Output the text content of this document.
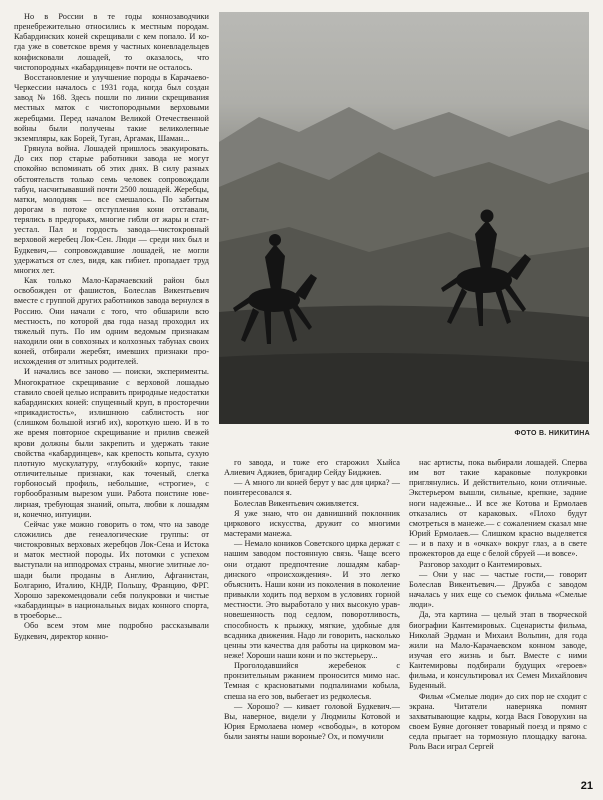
Но в России в те годы коннозаводчики пренебрежительно относились к местным породам. Кабардинских коней скрещивали с кем попало. И когда уже в советское время у частных коневладельцев конфисковали лошадей, то оказалось, что чистопородных «кабардинцев» почти не осталось.

Восстановление и улучшение породы в Карачаево-Черкессии началось с 1931 года, когда был создан завод № 168. Здесь пошли по линии скрещивания местных маток с чистопородными верховыми жеребцами. Перед началом Великой Отечественной войны были получены такие великолепные экземпляры, как Борей, Туган, Аргамак, Шаман...

Грянула война. Лошадей пришлось эвакуировать. До сих пор старые работники завода не могут спокойно вспоминать об этих днях. В силу разных обстоятельств только семь человек сопровождали табун, насчитывавший почти 2500 лошадей. Жеребцы, матки, молодняк — все смешалось. По забитым дорогам в потоке отступления кони отставали, терялись в предгорьях, многие гибли от жары и статуестал. Пал и гордость завода—чистокровный верховой жеребец Лок-Сен. Люди — среди них был и Будкевич,— сопровождавшие лошадей, не могли удержаться от слез, видя, как гибнет. пропадает труд многих лет.

Как только Мало-Карачаевский район был освобожден от фашистов, Болеслав Викентьевич вместе с группой других работников завода вернулся в Россию. Они начали с того, что обшарили всю местность, по которой два года назад проходил их тяжелый путь. По им одним ведомым признакам находили они в совхозных и колхозных табунах своих коней, отбирали жеребят, имевших признаки происхождения от элитных родителей.

И начались все заново — поиски, эксперименты. Многократное скрещивание с верховой лошадью ставило своей целью исправить природные недостатки кабардинских коней: спущенный круп, в просторечии «прикадистость», излишнюю саблистость ног (слишком большой изгиб их), короткую шею. И в то же время повторное скрещивание и прилив свежей крови должны были закрепить и удержать такие свойства «кабардинцев», как крепость копыта, сухую плотную мускулатуру, «глубокий» корпус, такие отличительные признаки, как точеный, слегка горбоносый профиль, небольшие, «строгие», с горбообразным вырезом уши. Работа поистине ювелирная, требующая знаний, опыта, любви к лошадям и, конечно, интуиции.

Сейчас уже можно говорить о том, что на заводе сложились две генеалогические группы: от чистокровных верховых жеребцов Лок-Сена и Истока и маток местной породы. Их потомки с успехом выступали на ипподромах страны, многие элитные лошади были проданы в Англию, Афганистан, Болгарию, Италию, КНДР, Польшу, Францию, ФРГ. Хорошо зарекомендовали себя полукровки и чистые «кабардинцы» в национальных видах конного спорта, в троеборье...

Обо всем этом мне подробно рассказывали Будкевич, директор конно-

ФОТО В. НИКИТИНА

го завода, и тоже его старожил Хыйса Алиевич Аджиев, бригадир Сейду Биджиев.

— А много ли коней берут у вас для цирка? — поинтересовался я.

Болеслав Викентьевич оживляется.

Я уже знаю, что он давнишний поклонник циркового искусства, дружит со многими мастерами манежа.

— Немало коников Советского цирка держат с нашим заводом постоянную связь. Чаще всего они отдают предпочтение лошадям кабардинского «происхождения». И это легко объяснить. Наши кони из поколения в поколение привыкли ходить под верхом в условиях горной местности. Это выработало у них высокую уравновешенность под седлом, поворотливость, способность к прыжку, мягкие, удобные для всадника движения. Надо ли говорить, насколько ценны эти качества для работы на цирковом манеже! Хороши наши кони и по экстерьеру...

Проголодавшийся жеребенок с пронзительным ржанием проносится мимо нас. Темная с красноватыми подпалинами кобыла, спеша на его зов, выбегает из редколесья.

— Хорошо? — кивает головой Будкевич.— Вы, наверное, видели у Людмилы Котовой и Юрия Ермолаева номер «свободы», в котором были заняты наши вороные? Ох, и помучили

нас артисты, пока выбирали лошадей. Сперва им вот такие караковые полукровки приглянулись. И действительно, кони отличные. Экстерьером вышли, сильные, крепкие, задние ноги надежные... И все же Котова и Ермолаев отказались от караковых. «Плохо будут смотреться в манеже.— с сожалением сказал мне Юрий Ермолаев.— Слишком красно выделяется — и в паху и в «очках» вокруг глаз, а в свете прожекторов да еще с белой сбруей —и вовсе».

Разговор заходит о Кантемировых.

— Они у нас — частые гости,— говорит Болеслав Викентьевич.— Дружба с заводом началась у них еще со съемок фильма «Смелые люди».

Да, эта картина — целый этап в творческой биографии Кантемировых. Сценаристы фильма, Николай Эрдман и Михаил Вольпин, для года жили на Мало-Карачаевском конном заводе, изучая его жизнь и быт. Вместе с ними Кантемировы подбирали будущих «героев» фильма, и консультировал их Семен Михайлович Буденный.

Фильм «Смелые люди» до сих пор не сходит с экрана. Читатели наверняка помнят захватывающие кадры, когда Вася Говорухин на своем Буяне догоняет товарный поезд и прямо с седла прыгает на тормозную площадку вагона. Роль Васи играл Сергей

21
